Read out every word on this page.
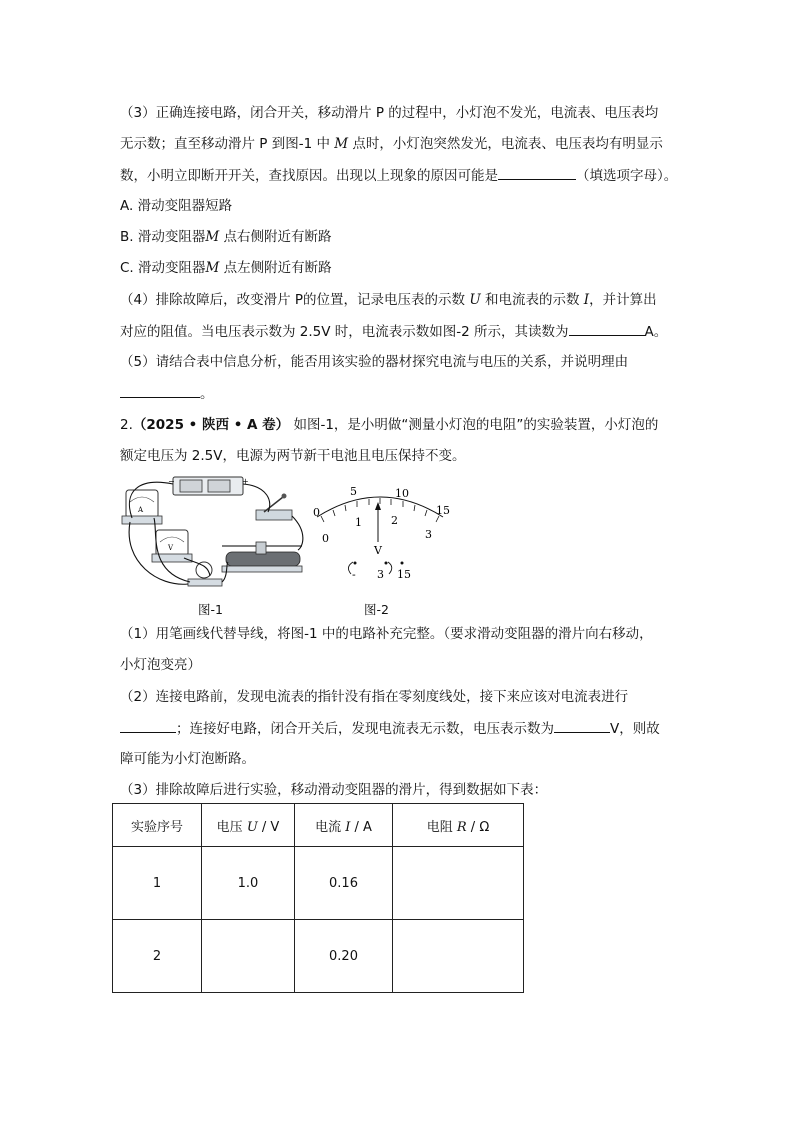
（3）正确连接电路，闭合开关，移动滑片 P 的过程中，小灯泡不发光，电流表、电压表均
无示数；直至移动滑片 P 到图-1 中 M 点时，小灯泡突然发光，电流表、电压表均有明显示
数，小明立即断开开关，查找原因。出现以上现象的原因可能是	（填选项字母）。
A. 滑动变阻器短路
B. 滑动变阻器M 点右侧附近有断路
C. 滑动变阻器M 点左侧附近有断路
（4）排除故障后，改变滑片 P的位置，记录电压表的示数 U 和电流表的示数 I，并计算出
对应的阻值。当电压表示数为 2.5V 时，电流表示数如图-2 所示，其读数为	A。
（5）请结合表中信息分析，能否用该实验的器材探究电流与电压的关系，并说明理由
。
2.（2025 • 陕西 • A 卷） 如图-1，是小明做“测量小灯泡的电阻”的实验装置，小灯泡的
额定电压为 2.5V，电源为两节新干电池且电压保持不变。
−	+
A
V
图-1
0
5	10
15
0
1	2
3
V
- 3 15
图-2
（1）用笔画线代替导线，将图-1 中的电路补充完整。（要求滑动变阻器的滑片向右移动，
小灯泡变亮）
（2）连接电路前，发现电流表的指针没有指在零刻度线处，接下来应该对电流表进行
；连接好电路，闭合开关后，发现电流表无示数，电压表示数为	V，则故
障可能为小灯泡断路。
（3）排除故障后进行实验，移动滑动变阻器的滑片，得到数据如下表：
实验序号	电压 U / V	电流 I / A	电阻 R / Ω
1	1.0	0.16	
2		0.20	
